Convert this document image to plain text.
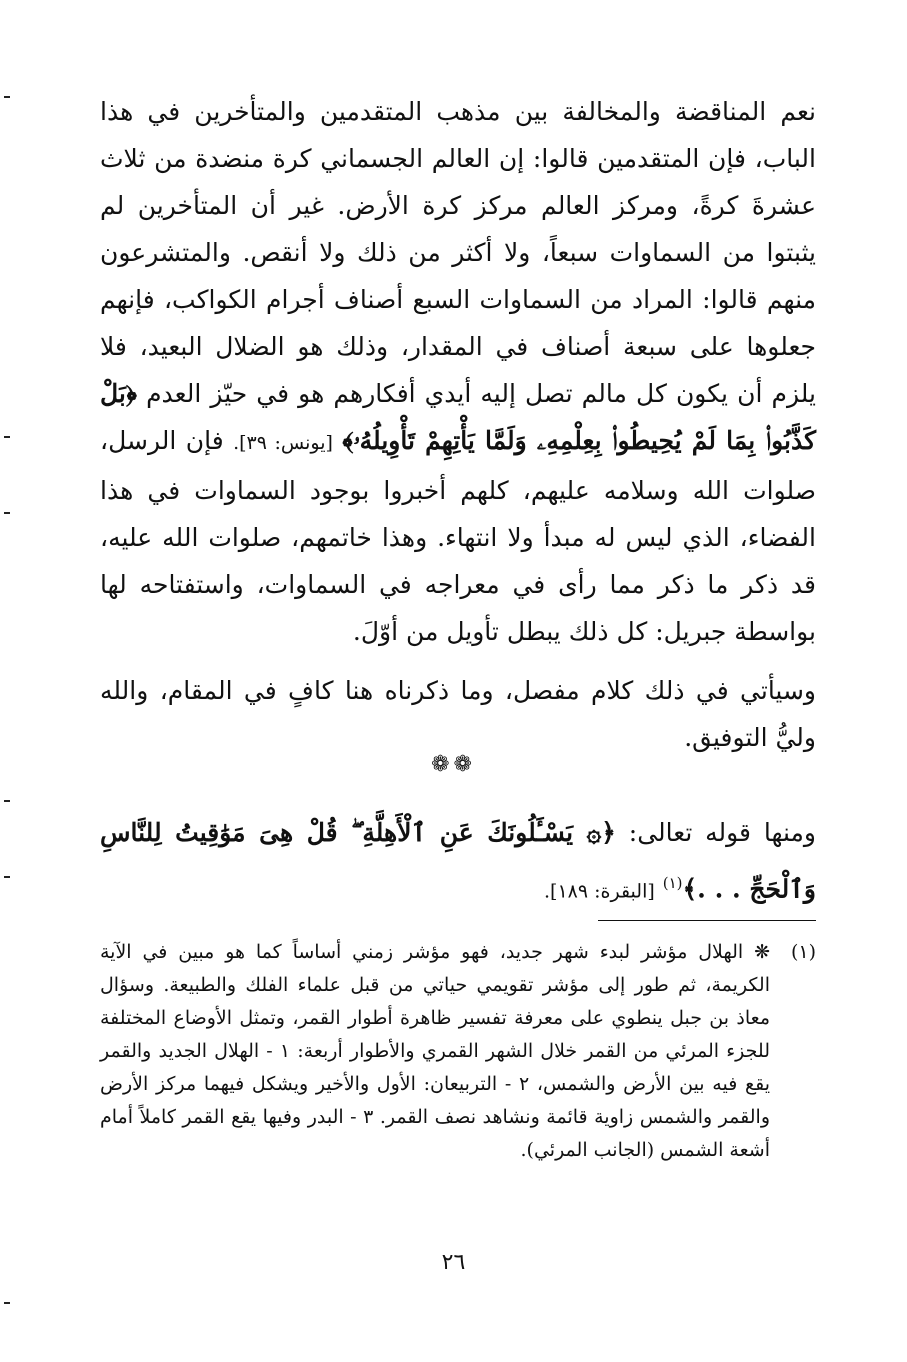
نعم المناقضة والمخالفة بين مذهب المتقدمين والمتأخرين في هذا الباب، فإن المتقدمين قالوا: إن العالم الجسماني كرة منضدة من ثلاث عشرةَ كرةً، ومركز العالم مركز كرة الأرض. غير أن المتأخرين لم يثبتوا من السماوات سبعاً، ولا أكثر من ذلك ولا أنقص. والمتشرعون منهم قالوا: المراد من السماوات السبع أصناف أجرام الكواكب، فإنهم جعلوها على سبعة أصناف في المقدار، وذلك هو الضلال البعيد، فلا يلزم أن يكون كل مالم تصل إليه أيدي أفكارهم هو في حيّز العدم ﴿بَلْ كَذَّبُوا۟ بِمَا لَمْ يُحِيطُوا۟ بِعِلْمِهِۦ وَلَمَّا يَأْتِهِمْ تَأْوِيلُهُۥ﴾ [يونس: ٣٩]. فإن الرسل، صلوات الله وسلامه عليهم، كلهم أخبروا بوجود السماوات في هذا الفضاء، الذي ليس له مبدأ ولا انتهاء. وهذا خاتمهم، صلوات الله عليه، قد ذكر ما ذكر مما رأى في معراجه في السماوات، واستفتاحه لها بواسطة جبريل: كل ذلك يبطل تأويل من أوّلَ.

وسيأتي في ذلك كلام مفصل، وما ذكرناه هنا كافٍ في المقام، والله وليُّ التوفيق.

❁❁

ومنها قوله تعالى: ﴿۞ يَسْـَٔلُونَكَ عَنِ ٱلْأَهِلَّةِ ۖ قُلْ هِىَ مَوَٰقِيتُ لِلنَّاسِ وَٱلْحَجِّ . . .﴾$^{(١)}$ [البقرة: ١٨٩].

(١)
❋ الهلال مؤشر لبدء شهر جديد، فهو مؤشر زمني أساساً كما هو مبين في الآية الكريمة، ثم طور إلى مؤشر تقويمي حياتي من قبل علماء الفلك والطبيعة. وسؤال معاذ بن جبل ينطوي على معرفة تفسير ظاهرة أطوار القمر، وتمثل الأوضاع المختلفة للجزء المرئي من القمر خلال الشهر القمري والأطوار أربعة: ١ - الهلال الجديد والقمر يقع فيه بين الأرض والشمس، ٢ - التربيعان: الأول والأخير ويشكل فيهما مركز الأرض والقمر والشمس زاوية قائمة ونشاهد نصف القمر. ٣ - البدر وفيها يقع القمر كاملاً أمام أشعة الشمس (الجانب المرئي).
٢٦
